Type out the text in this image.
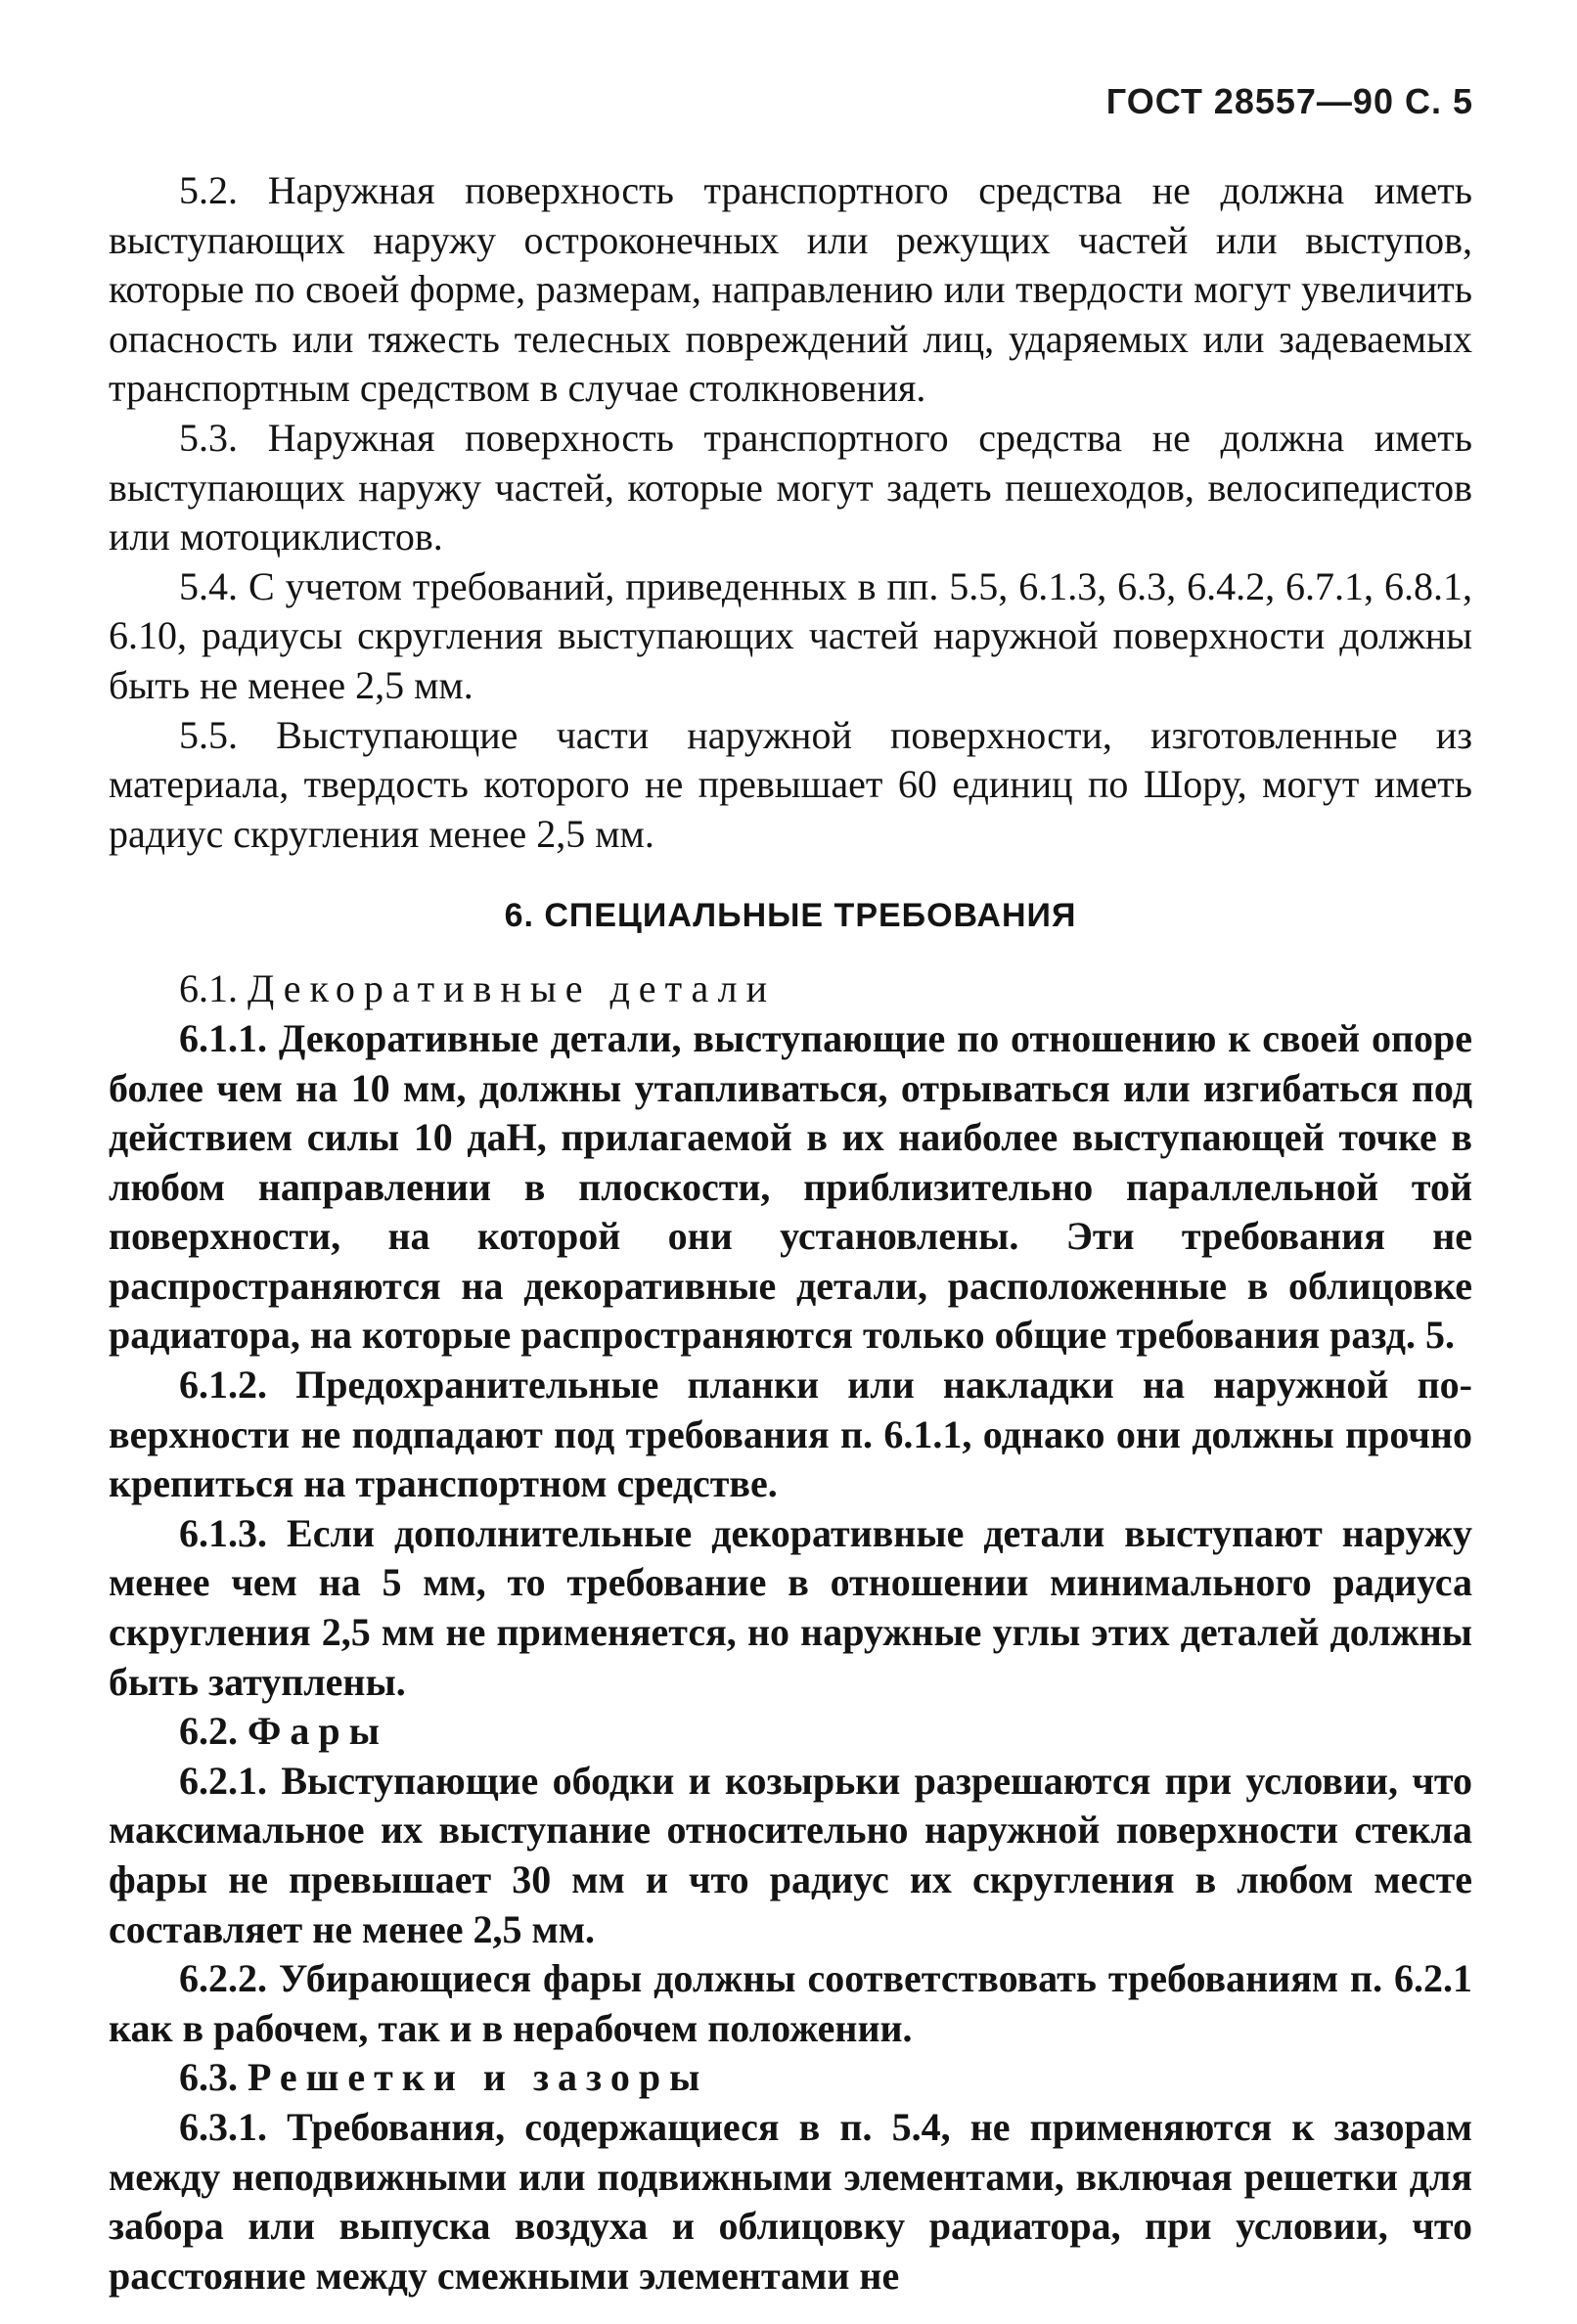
ГОСТ 28557—90 С. 5

5.2. Наружная поверхность транспортного средства не должна иметь выступающих наружу остроконечных или режущих частей или выступов, которые по своей форме, размерам, направлению или твердости могут увеличить опасность или тяжесть телесных повреждений лиц, ударяемых или задеваемых транспортным средством в случае столкновения.

5.3. Наружная поверхность транспортного средства не должна иметь выступающих наружу частей, которые могут задеть пешеходов, велосипедистов или мотоциклистов.

5.4. С учетом требований, приведенных в пп. 5.5, 6.1.3, 6.3, 6.4.2, 6.7.1, 6.8.1, 6.10, радиусы скругления выступающих частей наружной поверхности должны быть не менее 2,5 мм.

5.5. Выступающие части наружной поверхности, изготовленные из материала, твердость которого не превышает 60 единиц по Шору, могут иметь радиус скругления менее 2,5 мм.

6. СПЕЦИАЛЬНЫЕ ТРЕБОВАНИЯ

6.1. Декоративные детали

6.1.1. Декоративные детали, выступающие по отношению к своей опоре более чем на 10 мм, должны утапливаться, отрываться или изгибаться под действием силы 10 даН, прилагаемой в их наиболее выступающей точке в любом направлении в плоскости, приблизительно параллельной той поверхности, на которой они установлены. Эти требования не распространяются на декоративные детали, расположенные в облицовке радиатора, на которые распространяются только общие требования разд. 5.

6.1.2. Предохранительные планки или накладки на наружной поверхности не подпадают под требования п. 6.1.1, однако они должны прочно крепиться на транспортном средстве.

6.1.3. Если дополнительные декоративные детали выступают наружу менее чем на 5 мм, то требование в отношении минимального радиуса скругления 2,5 мм не применяется, но наружные углы этих деталей должны быть затуплены.

6.2. Фары

6.2.1. Выступающие ободки и козырьки разрешаются при условии, что максимальное их выступание относительно наружной поверхности стекла фары не превышает 30 мм и что радиус их скругления в любом месте составляет не менее 2,5 мм.

6.2.2. Убирающиеся фары должны соответствовать требованиям п. 6.2.1 как в рабочем, так и в нерабочем положении.

6.3. Решетки и зазоры

6.3.1. Требования, содержащиеся в п. 5.4, не применяются к зазорам между неподвижными или подвижными элементами, включая решетки для забора или выпуска воздуха и облицовку радиатора, при условии, что расстояние между смежными элементами не
